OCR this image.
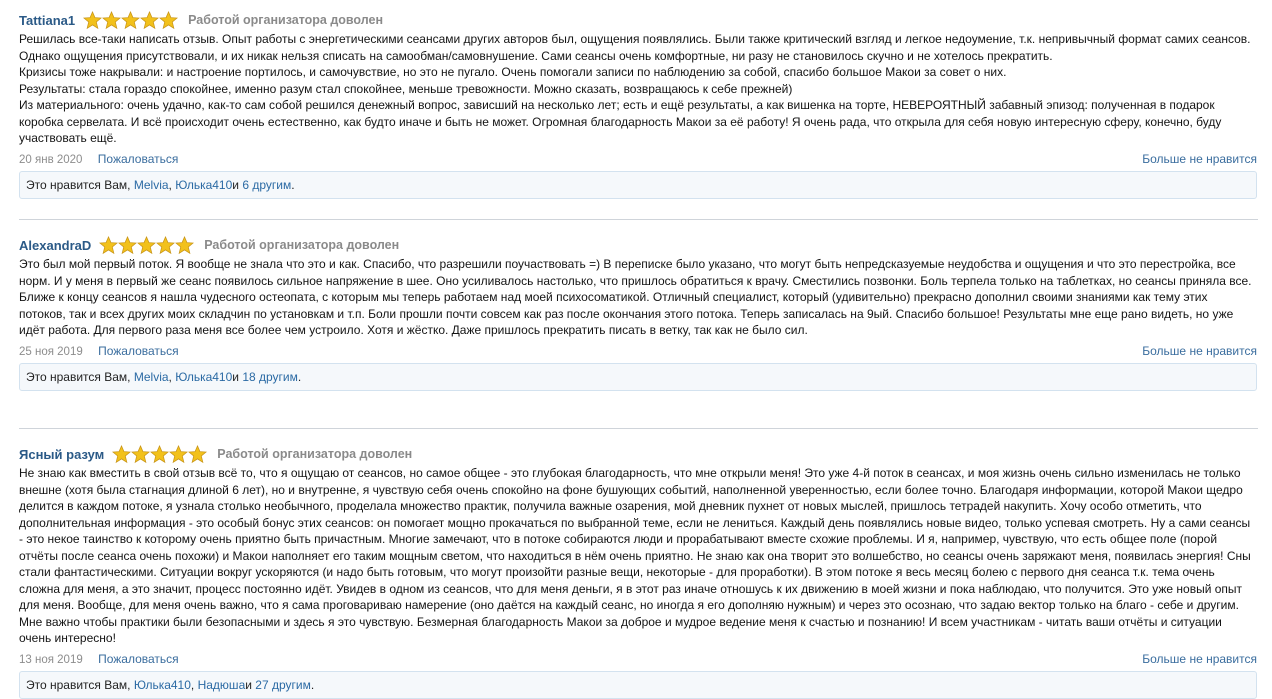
Tattiana1	Работой организатора доволен

Решилась все-таки написать отзыв. Опыт работы с энергетическими сеансами других авторов был, ощущения появлялись. Были также критический взгляд и легкое недоумение, т.к. непривычный формат самих сеансов. Однако ощущения присутствовали, и их никак нельзя списать на самообман/самовнушение. Сами сеансы очень комфортные, ни разу не становилось скучно и не хотелось прекратить.

Кризисы тоже накрывали: и настроение портилось, и самочувствие, но это не пугало. Очень помогали записи по наблюдению за собой, спасибо большое Макои за совет о них.

Результаты: стала гораздо спокойнее, именно разум стал спокойнее, меньше тревожности. Можно сказать, возвращаюсь к себе прежней)

Из материального: очень удачно, как-то сам собой решился денежный вопрос, зависший на несколько лет; есть и ещё результаты, а как вишенка на торте, НЕВЕРОЯТНЫЙ забавный эпизод: полученная в подарок коробка сервелата. И всё происходит очень естественно, как будто иначе и быть не может. Огромная благодарность Макои за её работу! Я очень рада, что открыла для себя новую интересную сферу, конечно, буду участвовать ещё.

20 янв 2020 Пожаловаться	Больше не нравится
Это нравится Вам,
Melvia ,
Юлька410 и
6 другим .
AlexandraD	Работой организатора доволен

Это был мой первый поток. Я вообще не знала что это и как. Спасибо, что разрешили поучаствовать =) В переписке было указано, что могут быть непредсказуемые неудобства и ощущения и что это перестройка, все норм. И у меня в первый же сеанс появилось сильное напряжение в шее. Оно усиливалось настолько, что пришлось обратиться к врачу. Сместились позвонки. Боль терпела только на таблетках, но сеансы приняла все. Ближе к концу сеансов я нашла чудесного остеопата, с которым мы теперь работаем над моей психосоматикой. Отличный специалист, который (удивительно) прекрасно дополнил своими знаниями как тему этих потоков, так и всех других моих складчин по установкам и т.п. Боли прошли почти совсем как раз после окончания этого потока. Теперь записалась на 9ый. Спасибо большое! Результаты мне еще рано видеть, но уже идёт работа. Для первого раза меня все более чем устроило. Хотя и жёстко. Даже пришлось прекратить писать в ветку, так как не было сил.

25 ноя 2019 Пожаловаться	Больше не нравится
Это нравится Вам,
Melvia ,
Юлька410 и
18 другим .
Ясный разум	Работой организатора доволен

Не знаю как вместить в свой отзыв всё то, что я ощущаю от сеансов, но самое общее - это глубокая благодарность, что мне открыли меня! Это уже 4-й поток в сеансах, и моя жизнь очень сильно изменилась не только внешне (хотя была стагнация длиной 6 лет), но и внутренне, я чувствую себя очень спокойно на фоне бушующих событий, наполненной уверенностью, если более точно. Благодаря информации, которой Макои щедро делится в каждом потоке, я узнала столько необычного, проделала множество практик, получила важные озарения, мой дневник пухнет от новых мыслей, пришлось тетрадей накупить. Хочу особо отметить, что дополнительная информация - это особый бонус этих сеансов: он помогает мощно прокачаться по выбранной теме, если не лениться. Каждый день появлялись новые видео, только успевая смотреть. Ну а сами сеансы - это некое таинство к которому очень приятно быть причастным. Многие замечают, что в потоке собираются люди и прорабатывают вместе схожие проблемы. И я, например, чувствую, что есть общее поле (порой отчёты после сеанса очень похожи) и Макои наполняет его таким мощным светом, что находиться в нём очень приятно. Не знаю как она творит это волшебство, но сеансы очень заряжают меня, появилась энергия! Сны стали фантастическими. Ситуации вокруг ускоряются (и надо быть готовым, что могут произойти разные вещи, некоторые - для проработки). В этом потоке я весь месяц болею с первого дня сеанса т.к. тема очень сложна для меня, а это значит, процесс постоянно идёт. Увидев в одном из сеансов, что для меня деньги, я в этот раз иначе отношусь к их движению в моей жизни и пока наблюдаю, что получится. Это уже новый опыт для меня. Вообще, для меня очень важно, что я сама проговариваю намерение (оно даётся на каждый сеанс, но иногда я его дополняю нужным) и через это осознаю, что задаю вектор только на благо - себе и другим. Мне важно чтобы практики были безопасными и здесь я это чувствую. Безмерная благодарность Макои за доброе и мудрое ведение меня к счастью и познанию! И всем участникам - читать ваши отчёты и ситуации очень интересно!

13 ноя 2019 Пожаловаться	Больше не нравится
Это нравится Вам,
Юлька410 ,
Надюша и
27 другим .
